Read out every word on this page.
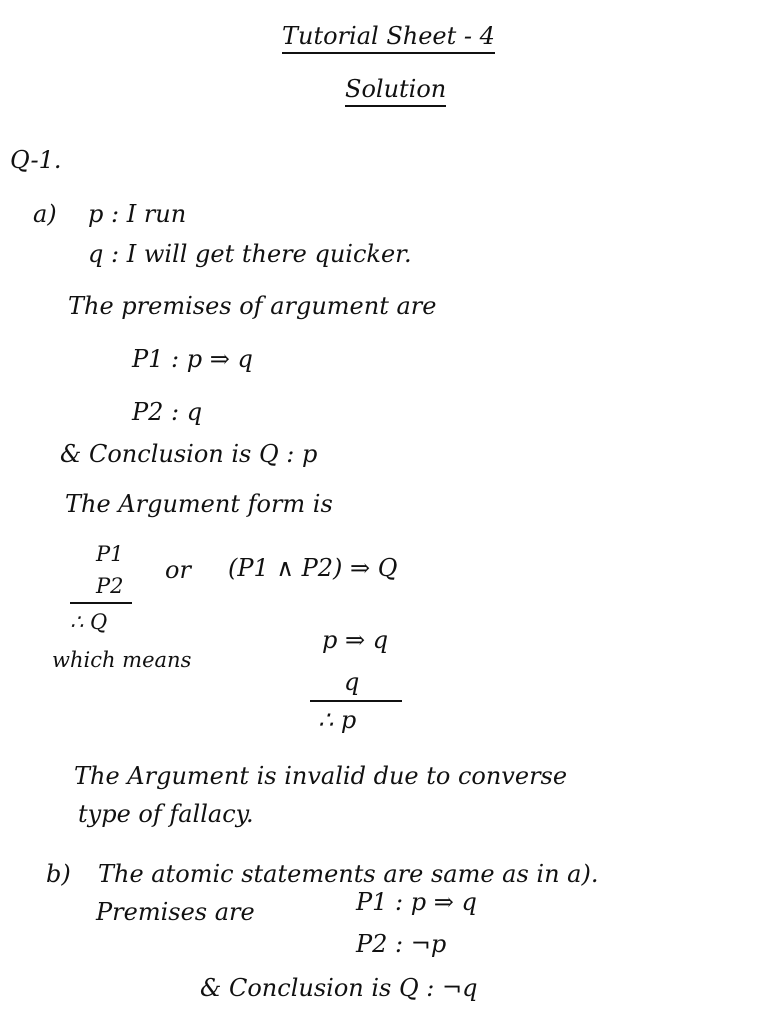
Tutorial Sheet - 4
Solution
Q-1.
a) p : I run
q : I will get there quicker.
The premises of argument are
P1 : p ⇒ q
P2 : q
& Conclusion is Q : p
The Argument form is
P1
P2
∴ Q
or (P1 ∧ P2) ⇒ Q
which means
p ⇒ q
q
∴ p
The Argument is invalid due to converse
type of fallacy.
b) The atomic statements are same as in a).
Premises are	P1 : p ⇒ q
P2 : ¬p
& Conclusion is Q : ¬q
